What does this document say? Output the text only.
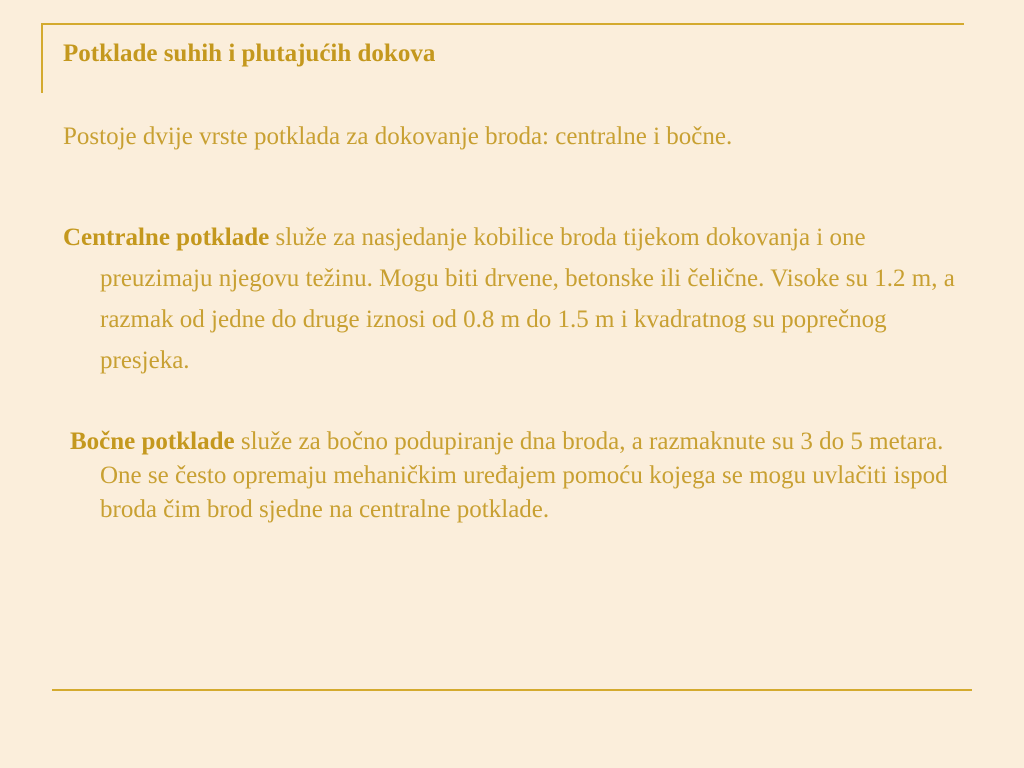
Potklade suhih i plutajućih dokova
Postoje dvije vrste potklada za dokovanje broda: centralne i bočne.
Centralne potklade služe za nasjedanje kobilice broda tijekom dokovanja i one preuzimaju njegovu težinu. Mogu biti drvene, betonske ili čelične. Visoke su 1.2 m, a razmak od jedne do druge iznosi od 0.8 m do 1.5 m i kvadratnog su poprečnog presjeka.
Bočne potklade služe za bočno podupiranje dna broda, a razmaknute su 3 do 5 metara. One se često opremaju mehaničkim uređajem pomoću kojega se mogu uvlačiti ispod broda čim brod sjedne na centralne potklade.
